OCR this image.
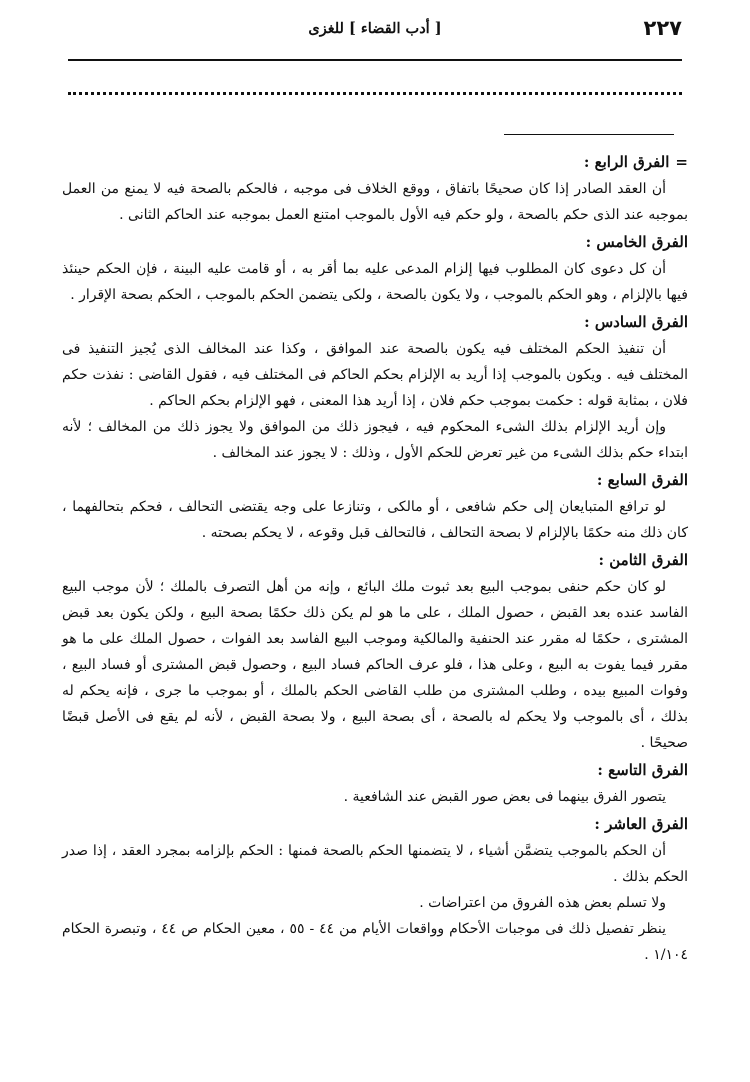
٢٢٧
[ أدب القضاء ] للغزى
=الفرق الرابع :

أن العقد الصادر إذا كان صحيحًا باتفاق ، ووقع الخلاف فى موجبه ، فالحكم بالصحة فيه لا يمنع من العمل بموجبه عند الذى حكم بالصحة ، ولو حكم فيه الأول بالموجب امتنع العمل بموجبه عند الحاكم الثانى .

الفرق الخامس :

أن كل دعوى كان المطلوب فيها إلزام المدعى عليه بما أقر به ، أو قامت عليه البينة ، فإن الحكم حينئذ فيها بالإلزام ، وهو الحكم بالموجب ، ولا يكون بالصحة ، ولكى يتضمن الحكم بالموجب ، الحكم بصحة الإقرار .

الفرق السادس :

أن تنفيذ الحكم المختلف فيه يكون بالصحة عند الموافق ، وكذا عند المخالف الذى يُجيز التنفيذ فى المختلف فيه . ويكون بالموجب إذا أريد به الإلزام بحكم الحاكم فى المختلف فيه ، فقول القاضى : نفذت حكم فلان ، بمثابة قوله : حكمت بموجب حكم فلان ، إذا أريد هذا المعنى ، فهو الإلزام بحكم الحاكم .

وإن أريد الإلزام بذلك الشىء المحكوم فيه ، فيجوز ذلك من الموافق ولا يجوز ذلك من المخالف ؛ لأنه ابتداء حكم بذلك الشىء من غير تعرض للحكم الأول ، وذلك : لا يجوز عند المخالف .

الفرق السابع :

لو ترافع المتبايعان إلى حكم شافعى ، أو مالكى ، وتنازعا على وجه يقتضى التحالف ، فحكم بتحالفهما ، كان ذلك منه حكمًا بالإلزام لا بصحة التحالف ، فالتحالف قبل وقوعه ، لا يحكم بصحته .

الفرق الثامن :

لو كان حكم حنفى بموجب البيع بعد ثبوت ملك البائع ، وإنه من أهل التصرف بالملك ؛ لأن موجب البيع الفاسد عنده بعد القبض ، حصول الملك ، على ما هو لم يكن ذلك حكمًا بصحة البيع ، ولكن يكون بعد قبض المشترى ، حكمًا له مقرر عند الحنفية والمالكية وموجب البيع الفاسد بعد الفوات ، حصول الملك على ما هو مقرر فيما يفوت به البيع ، وعلى هذا ، فلو عرف الحاكم فساد البيع ، وحصول قبض المشترى أو فساد البيع ، وفوات المبيع بيده ، وطلب المشترى من طلب القاضى الحكم بالملك ، أو بموجب ما جرى ، فإنه يحكم له بذلك ، أى بالموجب ولا يحكم له بالصحة ، أى بصحة البيع ، ولا بصحة القبض ، لأنه لم يقع فى الأصل قبضًا صحيحًا .

الفرق التاسع :

يتصور الفرق بينهما فى بعض صور القبض عند الشافعية .

الفرق العاشر :

أن الحكم بالموجب يتضمَّن أشياء ، لا يتضمنها الحكم بالصحة فمنها : الحكم بإلزامه بمجرد العقد ، إذا صدر الحكم بذلك .

ولا تسلم بعض هذه الفروق من اعتراضات .

ينظر تفصيل ذلك فى موجبات الأحكام وواقعات الأيام من ٤٤ - ٥٥ ، معين الحكام ص ٤٤ ، وتبصرة الحكام ١/١٠٤ .
